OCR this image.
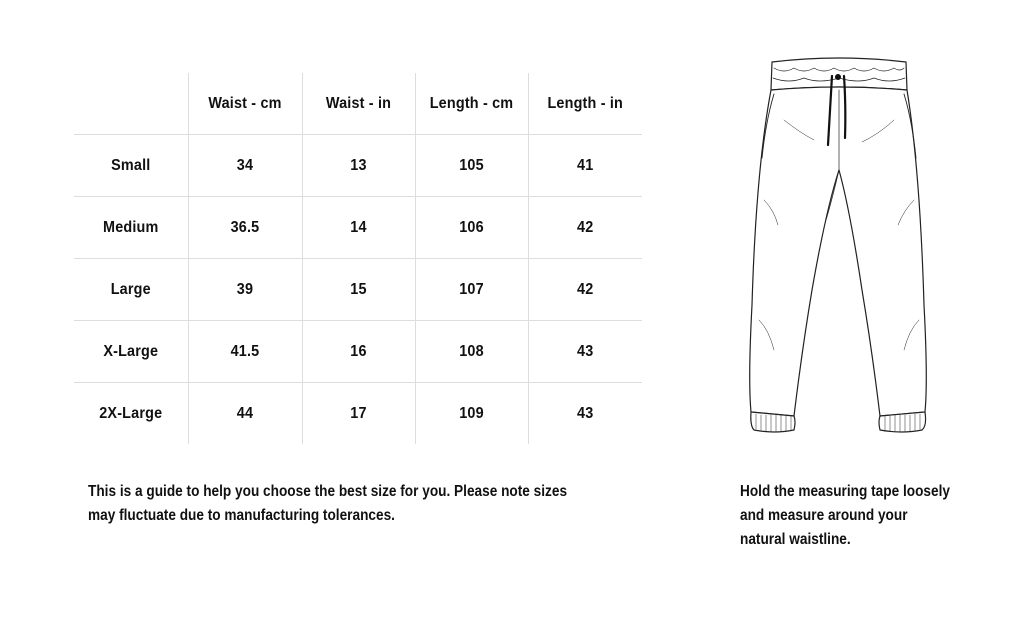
	Waist - cm	Waist - in	Length - cm	Length - in
Small	34	13	105	41
Medium	36.5	14	106	42
Large	39	15	107	42
X-Large	41.5	16	108	43
2X-Large	44	17	109	43
This is a guide to help you choose the best size for you. Please note sizes may fluctuate due to manufacturing tolerances.
Hold the measuring tape loosely and measure around your natural waistline.
